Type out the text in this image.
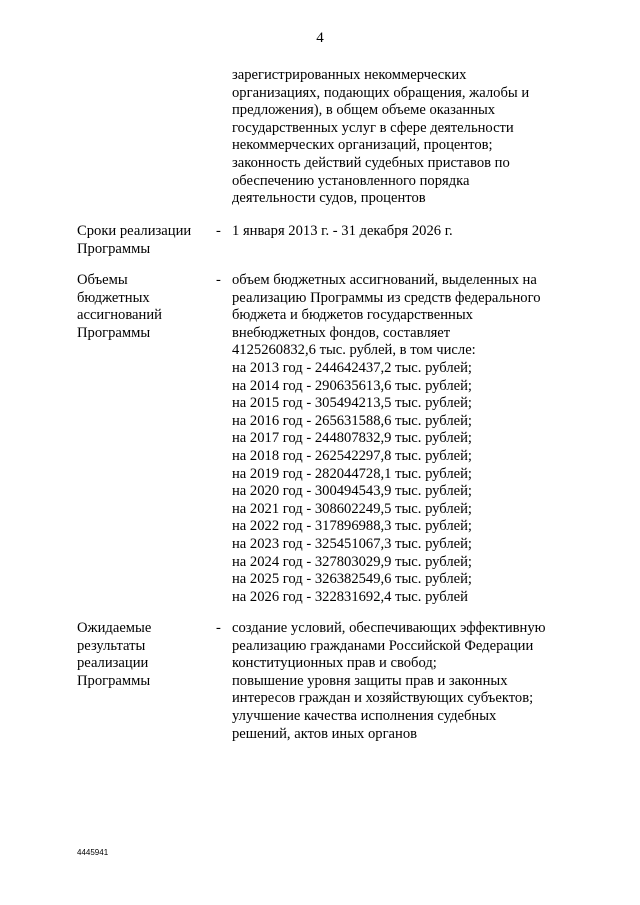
4
зарегистрированных некоммерческих
организациях, подающих обращения, жалобы и
предложения), в общем объеме оказанных
государственных услуг в сфере деятельности
некоммерческих организаций, процентов;
законность действий судебных приставов по
обеспечению установленного порядка
деятельности судов, процентов
Сроки реализации
Программы
- 1 января 2013 г. - 31 декабря 2026 г.
Объемы
бюджетных
ассигнований
Программы
- объем бюджетных ассигнований, выделенных на
реализацию Программы из средств федерального
бюджета и бюджетов государственных
внебюджетных фондов, составляет
4125260832,6 тыс. рублей, в том числе:
на 2013 год - 244642437,2 тыс. рублей;
на 2014 год - 290635613,6 тыс. рублей;
на 2015 год - 305494213,5 тыс. рублей;
на 2016 год - 265631588,6 тыс. рублей;
на 2017 год - 244807832,9 тыс. рублей;
на 2018 год - 262542297,8 тыс. рублей;
на 2019 год - 282044728,1 тыс. рублей;
на 2020 год - 300494543,9 тыс. рублей;
на 2021 год - 308602249,5 тыс. рублей;
на 2022 год - 317896988,3 тыс. рублей;
на 2023 год - 325451067,3 тыс. рублей;
на 2024 год - 327803029,9 тыс. рублей;
на 2025 год - 326382549,6 тыс. рублей;
на 2026 год - 322831692,4 тыс. рублей
Ожидаемые
результаты
реализации
Программы
- создание условий, обеспечивающих эффективную
реализацию гражданами Российской Федерации
конституционных прав и свобод;
повышение уровня защиты прав и законных
интересов граждан и хозяйствующих субъектов;
улучшение качества исполнения судебных
решений, актов иных органов
4445941
